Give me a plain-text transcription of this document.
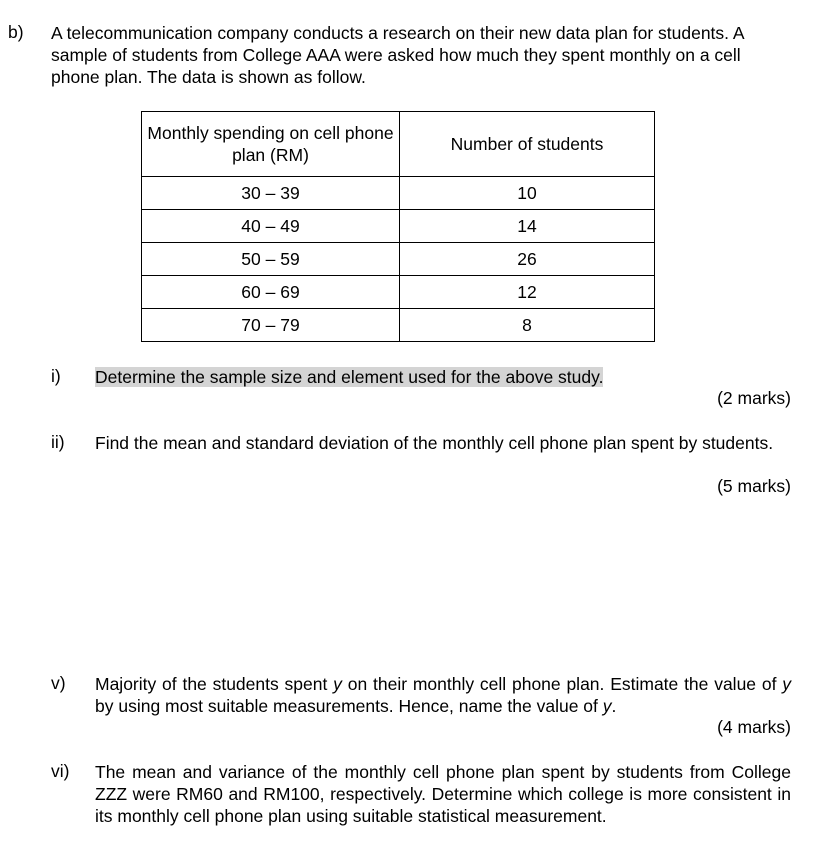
b) A telecommunication company conducts a research on their new data plan for students. A sample of students from College AAA were asked how much they spent monthly on a cell phone plan. The data is shown as follow.
Monthly spending on cell phone plan (RM)	Number of students
30 – 39	10
40 – 49	14
50 – 59	26
60 – 69	12
70 – 79	8
i) Determine the sample size and element used for the above study.
(2 marks)
ii) Find the mean and standard deviation of the monthly cell phone plan spent by students.
(5 marks)
v) Majority of the students spent y on their monthly cell phone plan. Estimate the value of y by using most suitable measurements. Hence, name the value of y.
(4 marks)
vi) The mean and variance of the monthly cell phone plan spent by students from College ZZZ were RM60 and RM100, respectively. Determine which college is more consistent in its monthly cell phone plan using suitable statistical measurement.
